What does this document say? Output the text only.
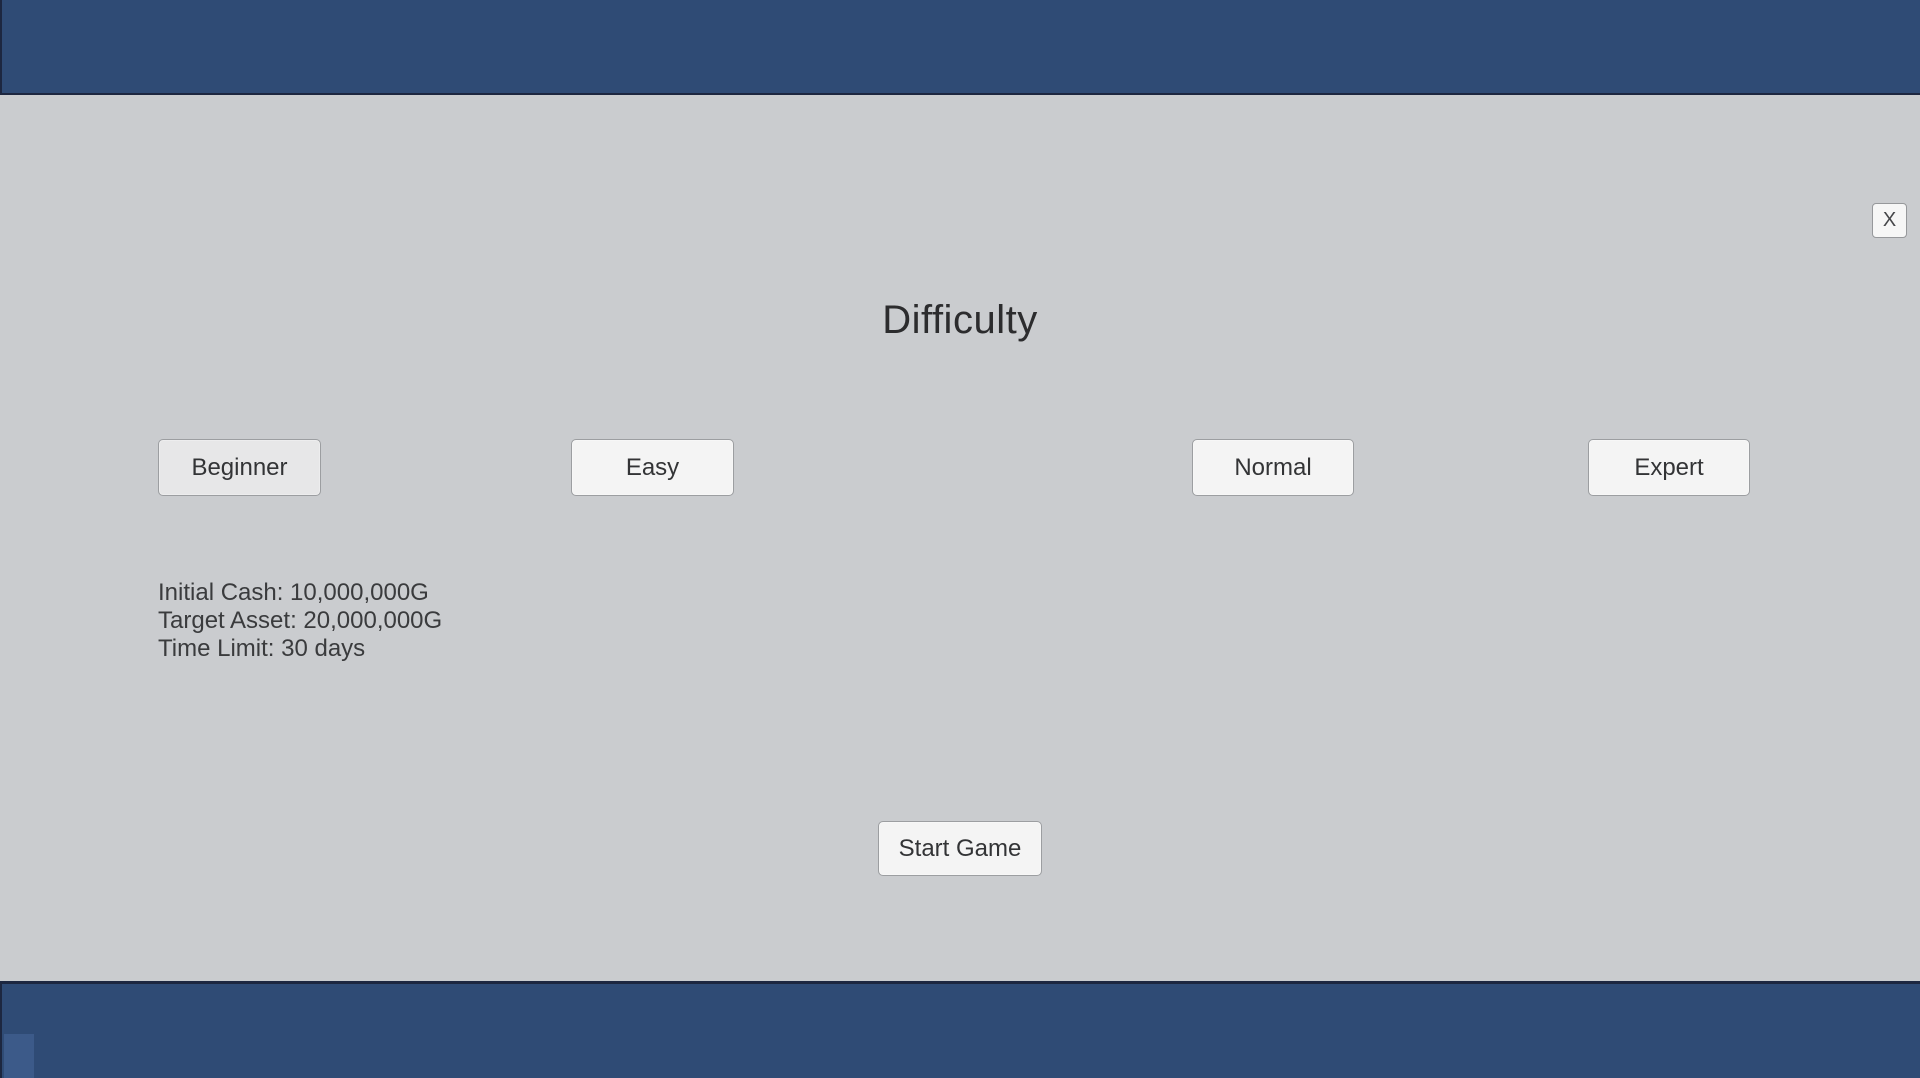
X
Difficulty
Beginner	Easy	Normal	Expert
Initial Cash: 10,000,000G
Target Asset: 20,000,000G
Time Limit: 30 days
Start Game
